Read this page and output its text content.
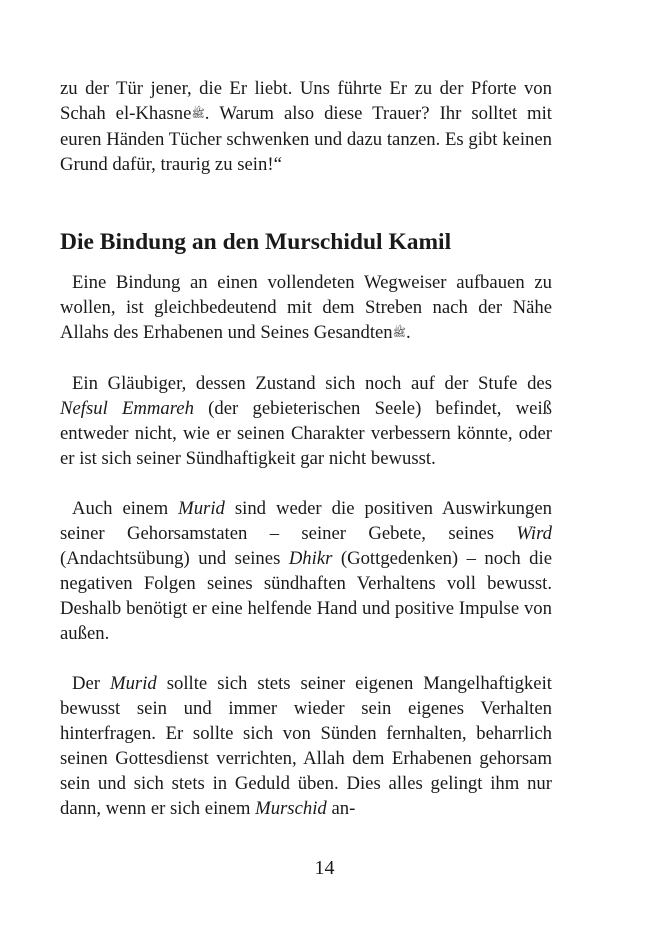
zu der Tür jener, die Er liebt. Uns führte Er zu der Pforte von Schah el-Khasneﷺ. Warum also diese Trauer? Ihr solltet mit euren Händen Tücher schwenken und dazu tanzen. Es gibt keinen Grund dafür, traurig zu sein!“

Die Bindung an den Murschidul Kamil

Eine Bindung an einen vollendeten Wegweiser aufbauen zu wollen, ist gleichbedeutend mit dem Streben nach der Nähe Allahs des Erhabenen und Seines Gesandtenﷺ.

Ein Gläubiger, dessen Zustand sich noch auf der Stufe des Nefsul Emmareh (der gebieterischen Seele) befindet, weiß entweder nicht, wie er seinen Charakter verbessern könnte, oder er ist sich seiner Sündhaftigkeit gar nicht bewusst.

Auch einem Murid sind weder die positiven Auswirkungen seiner Gehorsamstaten – seiner Gebete, seines Wird (Andachtsübung) und seines Dhikr (Gottgedenken) – noch die negativen Folgen seines sündhaften Verhaltens voll bewusst. Deshalb benötigt er eine helfende Hand und positive Impulse von außen.

Der Murid sollte sich stets seiner eigenen Mangelhaftigkeit bewusst sein und immer wieder sein eigenes Verhalten hinterfragen. Er sollte sich von Sünden fernhalten, beharrlich seinen Gottesdienst verrichten, Allah dem Erhabenen gehorsam sein und sich stets in Geduld üben. Dies alles gelingt ihm nur dann, wenn er sich einem Murschid an-

14
